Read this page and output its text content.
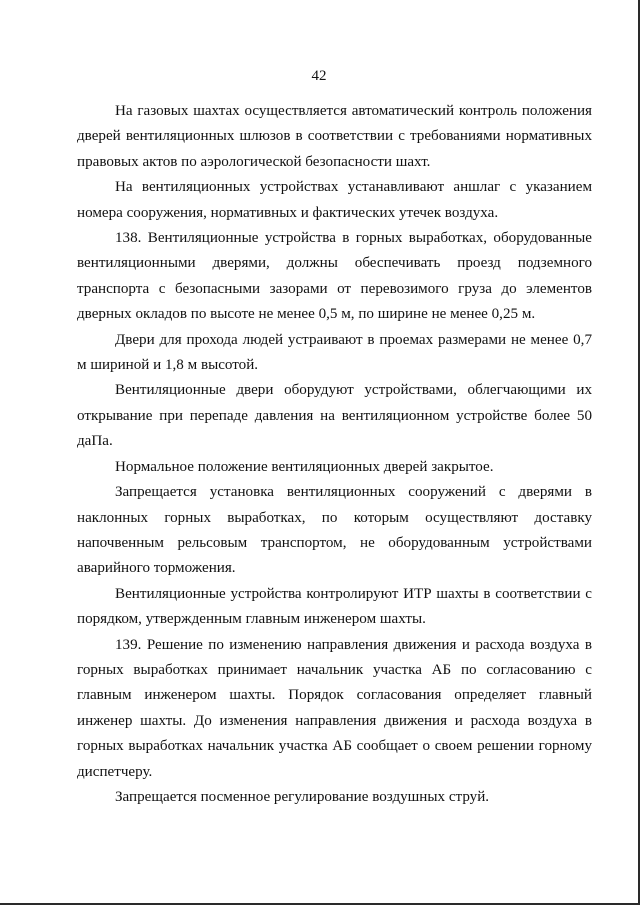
42

На газовых шахтах осуществляется автоматический контроль положения дверей вентиляционных шлюзов в соответствии с требованиями нормативных правовых актов по аэрологической безопасности шахт.

На вентиляционных устройствах устанавливают аншлаг с указанием номера сооружения, нормативных и фактических утечек воздуха.

138. Вентиляционные устройства в горных выработках, оборудованные вентиляционными дверями, должны обеспечивать проезд подземного транспорта с безопасными зазорами от перевозимого груза до элементов дверных окладов по высоте не менее 0,5 м, по ширине не менее 0,25 м.

Двери для прохода людей устраивают в проемах размерами не менее 0,7 м шириной и 1,8 м высотой.

Вентиляционные двери оборудуют устройствами, облегчающими их открывание при перепаде давления на вентиляционном устройстве более 50 даПа.

Нормальное положение вентиляционных дверей закрытое.

Запрещается установка вентиляционных сооружений с дверями в наклонных горных выработках, по которым осуществляют доставку напочвенным рельсовым транспортом, не оборудованным устройствами аварийного торможения.

Вентиляционные устройства контролируют ИТР шахты в соответствии с порядком, утвержденным главным инженером шахты.

139. Решение по изменению направления движения и расхода воздуха в горных выработках принимает начальник участка АБ по согласованию с главным инженером шахты. Порядок согласования определяет главный инженер шахты. До изменения направления движения и расхода воздуха в горных выработках начальник участка АБ сообщает о своем решении горному диспетчеру.

Запрещается посменное регулирование воздушных струй.
